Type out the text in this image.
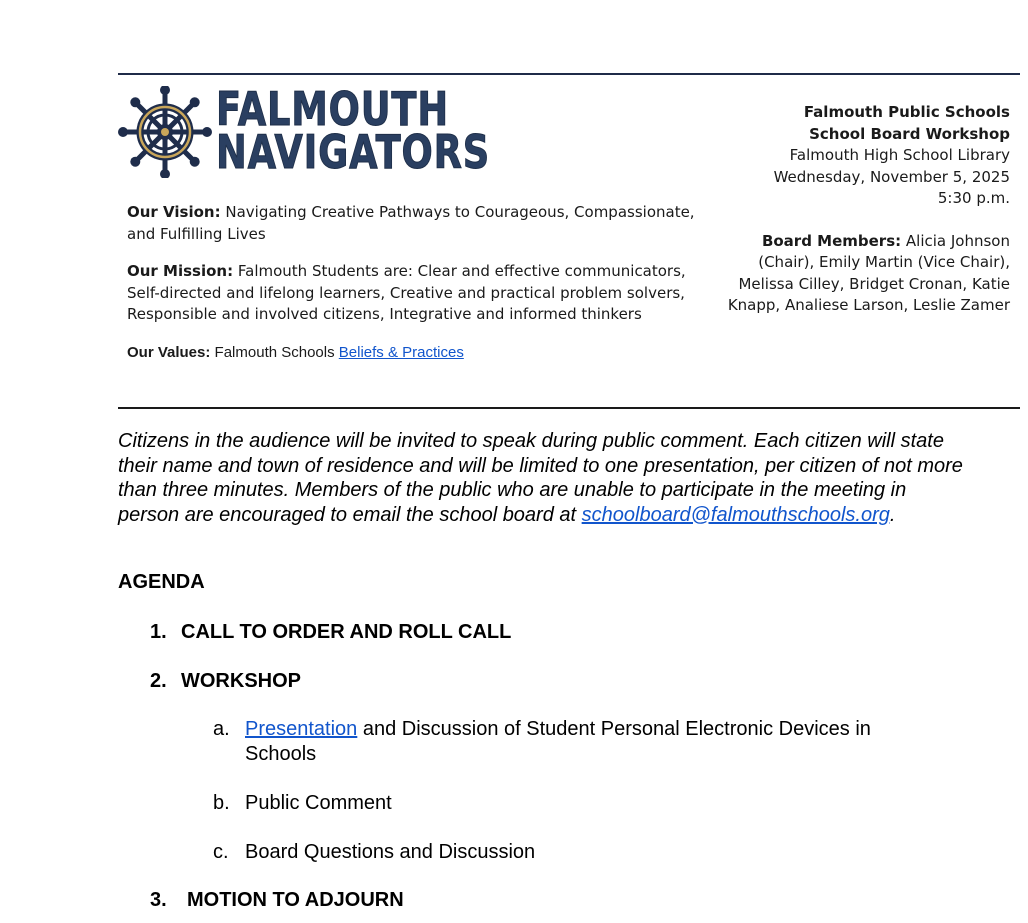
FALMOUTH
NAVIGATORS

Our Vision: Navigating Creative Pathways to Courageous, Compassionate, and Fulfilling Lives

Our Mission: Falmouth Students are: Clear and effective communicators, Self-directed and lifelong learners, Creative and practical problem solvers, Responsible and involved citizens, Integrative and informed thinkers

Our Values: Falmouth Schools Beliefs & Practices

Falmouth Public Schools
School Board Workshop
Falmouth High School Library
Wednesday, November 5, 2025
5:30 p.m.
Board Members: Alicia Johnson (Chair), Emily Martin (Vice Chair), Melissa Cilley, Bridget Cronan, Katie Knapp, Analiese Larson, Leslie Zamer
Citizens in the audience will be invited to speak during public comment. Each citizen will state their name and town of residence and will be limited to one presentation, per citizen of not more than three minutes. Members of the public who are unable to participate in the meeting in person are encouraged to email the school board at schoolboard@falmouthschools.org.
AGENDA
1. CALL TO ORDER AND ROLL CALL
2. WORKSHOP
a. Presentation and Discussion of Student Personal Electronic Devices in Schools
b. Public Comment
c. Board Questions and Discussion
3. MOTION TO ADJOURN
